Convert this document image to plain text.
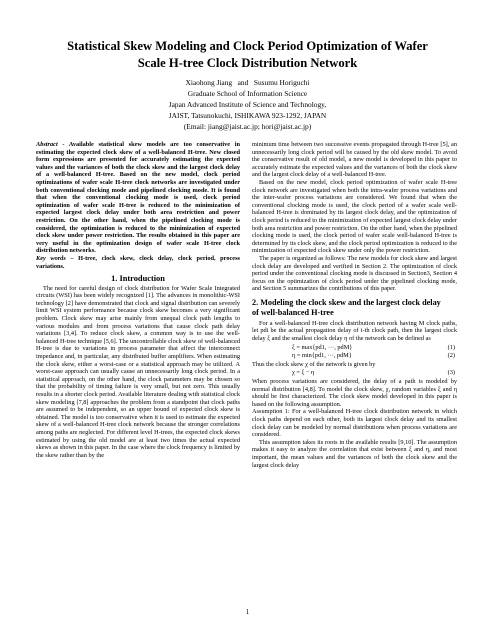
Statistical Skew Modeling and Clock Period Optimization of Wafer
Scale H-tree Clock Distribution Network
Xiaohong Jiang   and   Susumu Horiguchi
Graduate School of Information Science
Japan Advanced Institute of Science and Technology,
JAIST, Tatsunokuchi, ISHIKAWA 923-1292, JAPAN
(Email: jiang@jaist.ac.jp; hori@jaist.ac.jp)

Abstract - Available statistical skew models are too conservative in estimating the expected clock skew of a well-balanced H-tree. New closed form expressions are presented for accurately estimating the expected values and the variances of both the clock skew and the largest clock delay of a well-balanced H-tree. Based on the new model, clock period optimizations of wafer scale H-tree clock networks are investigated under both conventional clocking mode and pipelined clocking mode. It is found that when the conventional clocking mode is used, clock period optimization of wafer scale H-tree is reduced to the minimization of expected largest clock delay under both area restriction and power restriction. On the other hand, when the pipelined clocking mode is considered, the optimization is reduced to the minimization of expected clock skew under power restriction. The results obtained in this paper are very useful in the optimization design of wafer scale H-tree clock distribution networks.

Key words – H-tree, clock skew, clock delay, clock period, process variations.

1. Introduction

The need for careful design of clock distribution for Wafer Scale Integrated circuits (WSI) has been widely recognized [1]. The advances in monolithic-WSI technology [2] have demonstrated that clock and signal distribution can severely limit WSI system performance because clock skew becomes a very significant problem. Clock skew may arise mainly from unequal clock path lengths to various modules and from process variations that cause clock path delay variations [3,4]. To reduce clock skew, a common way is to use the well-balanced H-tree technique [5,6]. The uncontrollable clock skew of well-balanced H-tree is due to variations in process parameter that affect the interconnect impedance and, in particular, any distributed buffer amplifiers. When estimating the clock skew, either a worst-case or a statistical approach may be utilized. A worst-case approach can usually cause an unnecessarily long clock period. In a statistical approach, on the other hand, the clock parameters may be chosen so that the probability of timing failure is very small, but not zero. This usually results in a shorter clock period. Available literature dealing with statistical clock skew modeling [7,8] approaches the problem from a standpoint that clock paths are assumed to be independent, so an upper bound of expected clock skew is obtained. The model is too conservative when it is used to estimate the expected skew of a well-balanced H-tree clock network because the stronger correlations among paths are neglected. For different level H-trees, the expected clock skews estimated by using the old model are at least two times the actual expected skews as shown in this paper. In the case where the clock frequency is limited by the skew rather than by the

minimum time between two successive events propagated through H-tree [5], an unnecessarily long clock period will be caused by the old skew model. To avoid the conservative result of old model, a new model is developed in this paper to accurately estimate the expected values and the variances of both the clock skew and the largest clock delay of a well-balanced H-tree.

Based on the new model, clock period optimization of wafer scale H-tree clock network are investigated when both the intra-wafer process variations and the inter-wafer process variations are considered. We found that when the conventional clocking mode is used, the clock period of a wafer scale well-balanced H-tree is dominated by its largest clock delay, and the optimization of clock period is reduced to the minimization of expected largest clock delay under both area restriction and power restriction. On the other hand, when the pipelined clocking mode is used, the clock period of wafer scale well-balanced H-tree is determined by its clock skew, and the clock period optimization is reduced to the minimization of expected clock skew under only the power restriction.

The paper is organized as follows: The new models for clock skew and largest clock delay are developed and verified in Section 2. The optimization of clock period under the conventional clocking mode is discussed in Section3, Section 4 focus on the optimization of clock period under the pipelined clocking mode, and Section 5 summarizes the contributions of this paper.

2. Modeling the clock skew and the largest clock delay
of well-balanced H-tree

For a well-balanced H-tree clock distribution network having M clock paths, let pdi be the actual propagation delay of i-th clock path, then the largest clock delay ξ and the smallest clock delay η of the network can be defined as

ξ = max{pd1, ···, pdM}	(1)
η = min{pd1, ···, pdM}	(2)

Thus the clock skew χ of the network is given by

χ = ξ − η	(3)

When process variations are considered, the delay of a path is modeled by normal distribution [4,8]. To model the clock skew, χ, random variables ξ and η should be first characterized. The clock skew model developed in this paper is based on the following assumption.

Assumption 1: For a well-balanced H-tree clock distribution network in which clock paths depend on each other, both its largest clock delay and its smallest clock delay can be modeled by normal distributions when process variations are considered.

This assumption takes its roots in the available results [9,10]. The assumption makes it easy to analyze the correlation that exist between ξ and η, and most important, the mean values and the variances of both the clock skew and the largest clock delay

1
